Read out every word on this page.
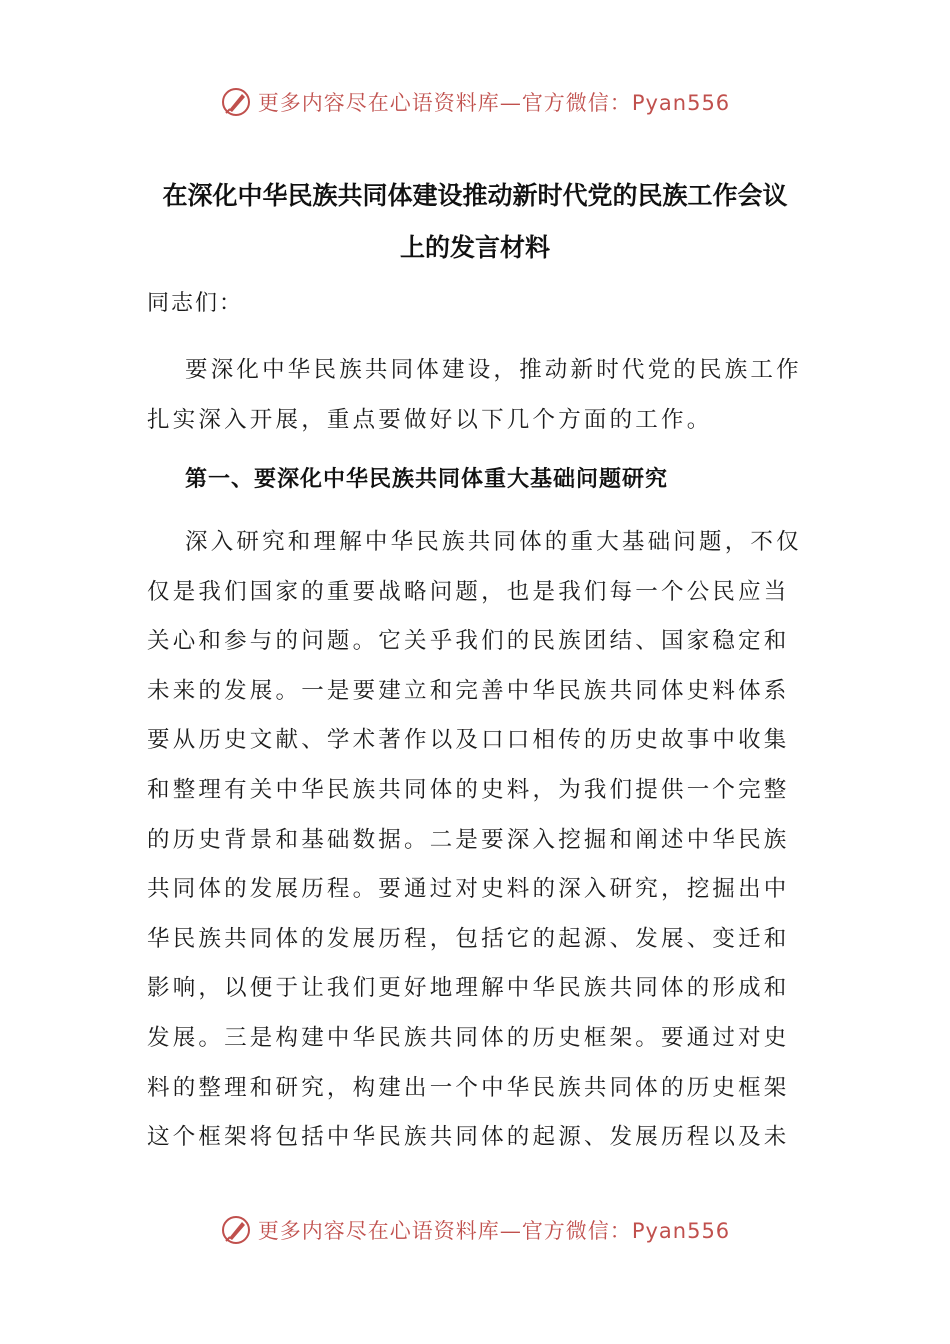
更多内容尽在心语资料库—官方微信：Pyan556
在深化中华民族共同体建设推动新时代党的民族工作会议
上的发言材料
同志们：
要深化中华民族共同体建设，推动新时代党的民族工作
扎实深入开展，重点要做好以下几个方面的工作。
第一、要深化中华民族共同体重大基础问题研究
深入研究和理解中华民族共同体的重大基础问题，不仅
仅是我们国家的重要战略问题，也是我们每一个公民应当
关心和参与的问题。它关乎我们的民族团结、国家稳定和
未来的发展。一是要建立和完善中华民族共同体史料体系
要从历史文献、学术著作以及口口相传的历史故事中收集
和整理有关中华民族共同体的史料，为我们提供一个完整
的历史背景和基础数据。二是要深入挖掘和阐述中华民族
共同体的发展历程。要通过对史料的深入研究，挖掘出中
华民族共同体的发展历程，包括它的起源、发展、变迁和
影响，以便于让我们更好地理解中华民族共同体的形成和
发展。三是构建中华民族共同体的历史框架。要通过对史
料的整理和研究，构建出一个中华民族共同体的历史框架
这个框架将包括中华民族共同体的起源、发展历程以及未
更多内容尽在心语资料库—官方微信：Pyan556
